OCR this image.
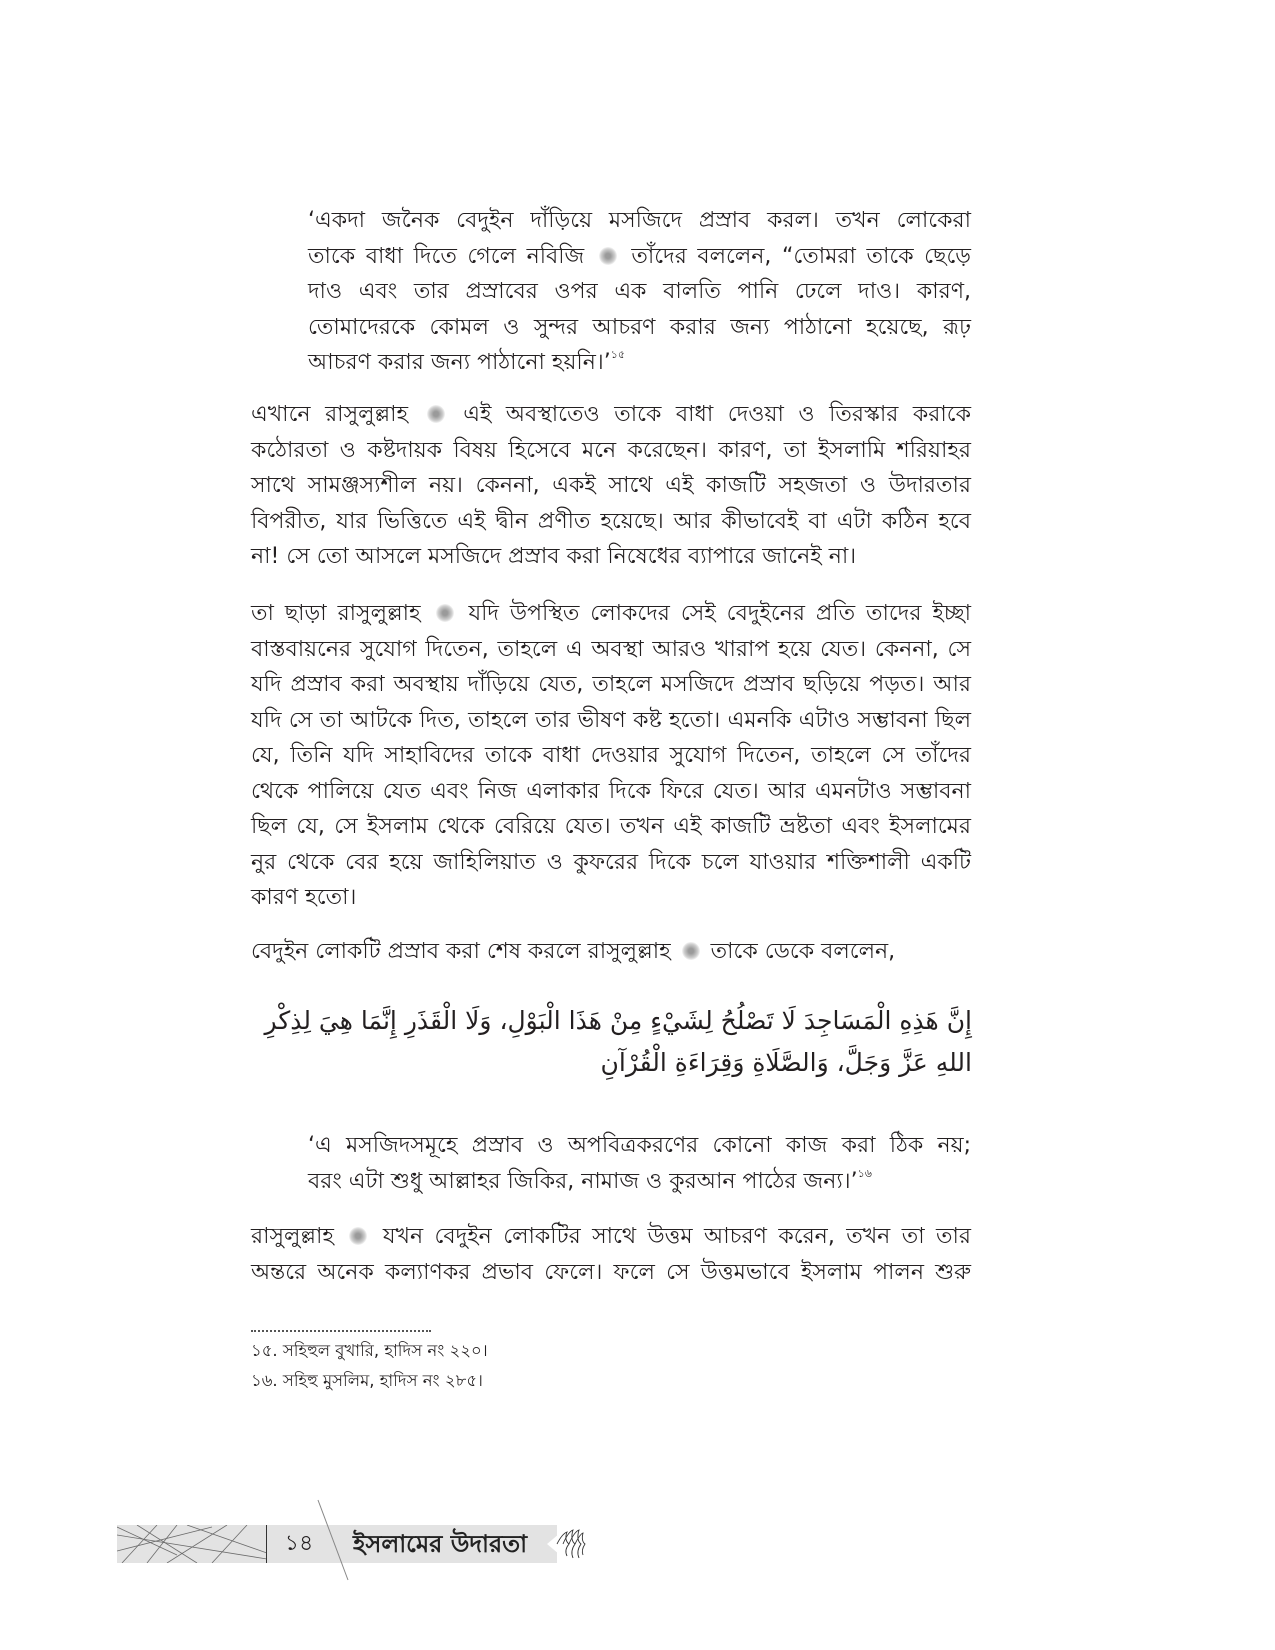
‘একদা জনৈক বেদুইন দাঁড়িয়ে মসজিদে প্রস্রাব করল। তখন লোকেরা
তাকে বাধা দিতে গেলে নবিজি তাঁদের বললেন, “তোমরা তাকে ছেড়ে
দাও এবং তার প্রস্রাবের ওপর এক বালতি পানি ঢেলে দাও। কারণ,
তোমাদেরকে কোমল ও সুন্দর আচরণ করার জন্য পাঠানো হয়েছে, রূঢ়
আচরণ করার জন্য পাঠানো হয়নি।’$^{১৫}$
এখানে রাসুলুল্লাহ	এই অবস্থাতেও তাকে বাধা দেওয়া ও তিরস্কার করাকে
কঠোরতা ও কষ্টদায়ক বিষয় হিসেবে মনে করেছেন। কারণ, তা ইসলামি শরিয়াহর
সাথে সামঞ্জস্যশীল নয়। কেননা, একই সাথে এই কাজটি সহজতা ও উদারতার
বিপরীত, যার ভিত্তিতে এই দ্বীন প্রণীত হয়েছে। আর কীভাবেই বা এটা কঠিন হবে
না! সে তো আসলে মসজিদে প্রস্রাব করা নিষেধের ব্যাপারে জানেই না।
তা ছাড়া রাসুলুল্লাহ যদি উপস্থিত লোকদের সেই বেদুইনের প্রতি তাদের ইচ্ছা
বাস্তবায়নের সুযোগ দিতেন, তাহলে এ অবস্থা আরও খারাপ হয়ে যেত। কেননা, সে
যদি প্রস্রাব করা অবস্থায় দাঁড়িয়ে যেত, তাহলে মসজিদে প্রস্রাব ছড়িয়ে পড়ত। আর
যদি সে তা আটকে দিত, তাহলে তার ভীষণ কষ্ট হতো। এমনকি এটাও সম্ভাবনা ছিল
যে, তিনি যদি সাহাবিদের তাকে বাধা দেওয়ার সুযোগ দিতেন, তাহলে সে তাঁদের
থেকে পালিয়ে যেত এবং নিজ এলাকার দিকে ফিরে যেত। আর এমনটাও সম্ভাবনা
ছিল যে, সে ইসলাম থেকে বেরিয়ে যেত। তখন এই কাজটি ভ্রষ্টতা এবং ইসলামের
নুর থেকে বের হয়ে জাহিলিয়াত ও কুফরের দিকে চলে যাওয়ার শক্তিশালী একটি
কারণ হতো।
বেদুইন লোকটি প্রস্রাব করা শেষ করলে রাসুলুল্লাহ তাকে ডেকে বললেন,
إِنَّ هَذِهِ الْمَسَاجِدَ لَا تَصْلُحُ لِشَيْءٍ مِنْ هَذَا الْبَوْلِ، وَلَا الْقَذَرِ إِنَّمَا هِيَ لِذِكْرِ
اللهِ عَزَّ وَجَلَّ، وَالصَّلَاةِ وَقِرَاءَةِ الْقُرْآنِ
‘এ মসজিদসমূহে প্রস্রাব ও অপবিত্রকরণের কোনো কাজ করা ঠিক নয়;
বরং এটা শুধু আল্লাহর জিকির, নামাজ ও কুরআন পাঠের জন্য।’$^{১৬}$
রাসুলুল্লাহ যখন বেদুইন লোকটির সাথে উত্তম আচরণ করেন, তখন তা তার
অন্তরে অনেক কল্যাণকর প্রভাব ফেলে। ফলে সে উত্তমভাবে ইসলাম পালন শুরু
১৫. সহিহুল বুখারি, হাদিস নং ২২০।
১৬. সহিহু মুসলিম, হাদিস নং ২৮৫।
১৪ ইসলামের উদারতা
